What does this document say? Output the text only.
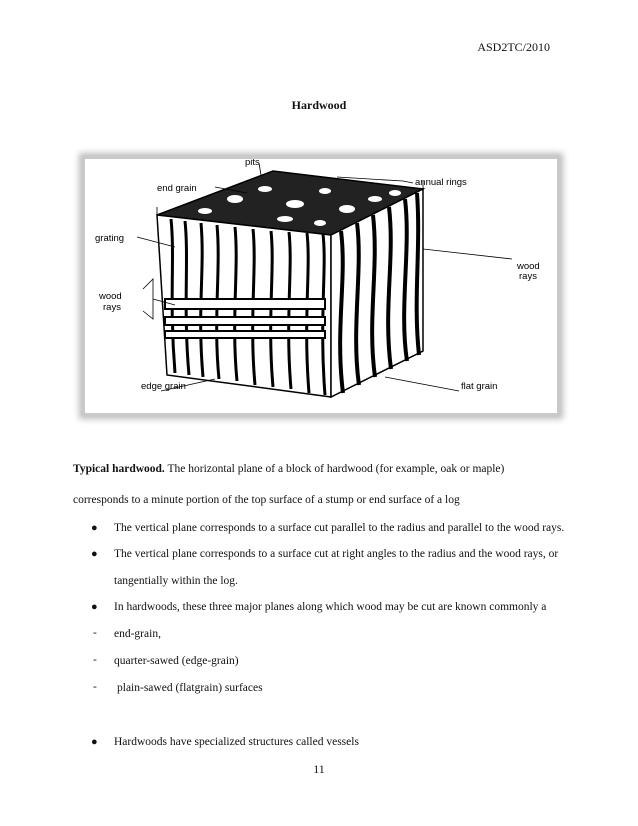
ASD2TC/2010
Hardwood
pits
end grain
annual rings
grating
wood
rays
wood
rays
edge grain	flat grain
Typical hardwood. The horizontal plane of a block of hardwood (for example, oak or maple)
corresponds to a minute portion of the top surface of a stump or end surface of a log
● The vertical plane corresponds to a surface cut parallel to the radius and parallel to the wood rays.
● The vertical plane corresponds to a surface cut at right angles to the radius and the wood rays, or
tangentially within the log.
● In hardwoods, these three major planes along which wood may be cut are known commonly a
- end-grain,
- quarter-sawed (edge-grain)
- plain-sawed (flatgrain) surfaces
● Hardwoods have specialized structures called vessels
11
